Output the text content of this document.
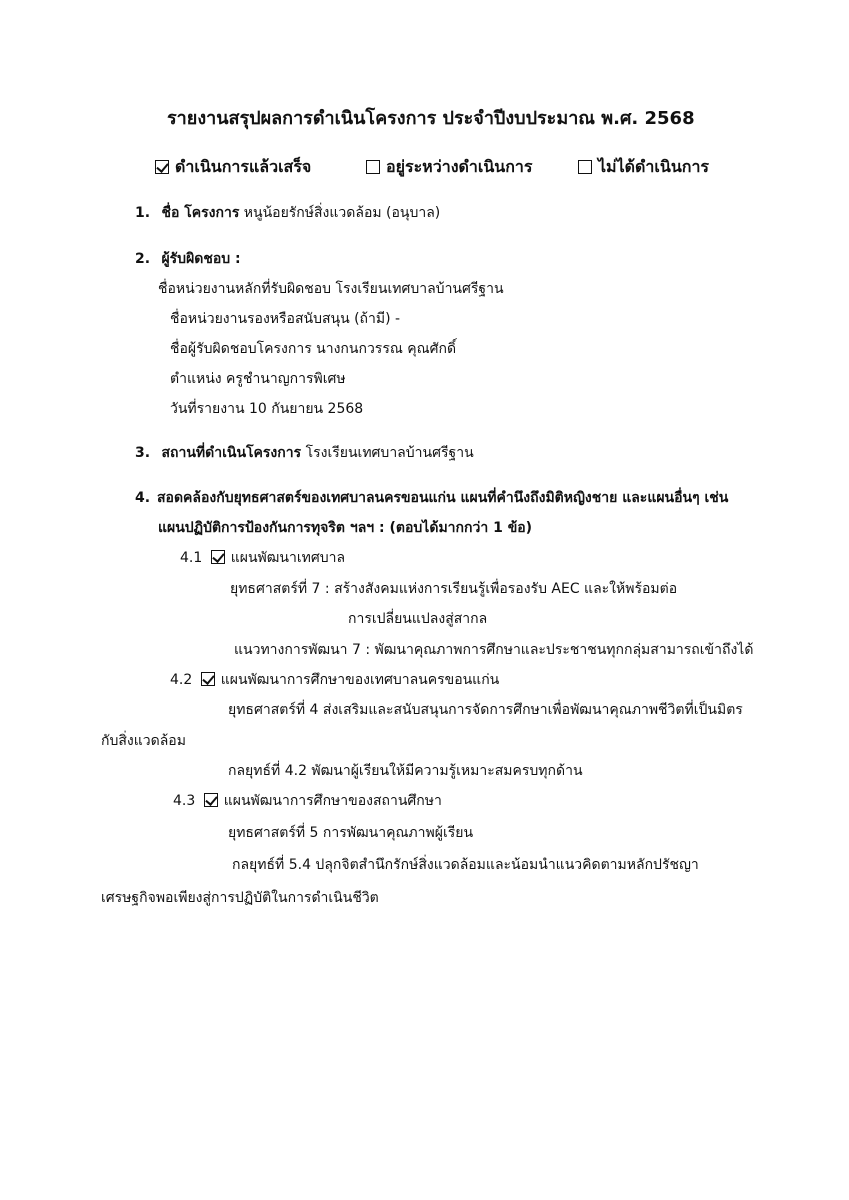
รายงานสรุปผลการดำเนินโครงการ ประจำปีงบประมาณ พ.ศ. 2568
ดำเนินการแล้วเสร็จ	อยู่ระหว่างดำเนินการ	ไม่ได้ดำเนินการ
1. ชื่อ โครงการ หนูน้อยรักษ์สิ่งแวดล้อม (อนุบาล)
2. ผู้รับผิดชอบ :
ชื่อหน่วยงานหลักที่รับผิดชอบ โรงเรียนเทศบาลบ้านศรีฐาน
ชื่อหน่วยงานรองหรือสนับสนุน (ถ้ามี) -
ชื่อผู้รับผิดชอบโครงการ นางกนกวรรณ คุณศักดิ์
ตำแหน่ง ครูชำนาญการพิเศษ
วันที่รายงาน 10 กันยายน 2568
3. สถานที่ดำเนินโครงการ โรงเรียนเทศบาลบ้านศรีฐาน
4. สอดคล้องกับยุทธศาสตร์ของเทศบาลนครขอนแก่น แผนที่คำนึงถึงมิติหญิงชาย และแผนอื่นๆ เช่น
แผนปฏิบัติการป้องกันการทุจริต ฯลฯ : (ตอบได้มากกว่า 1 ข้อ)
4.1 แผนพัฒนาเทศบาล
ยุทธศาสตร์ที่ 7 : สร้างสังคมแห่งการเรียนรู้เพื่อรองรับ AEC และให้พร้อมต่อ
การเปลี่ยนแปลงสู่สากล
แนวทางการพัฒนา 7 : พัฒนาคุณภาพการศึกษาและประชาชนทุกกลุ่มสามารถเข้าถึงได้
4.2 แผนพัฒนาการศึกษาของเทศบาลนครขอนแก่น
ยุทธศาสตร์ที่ 4 ส่งเสริมและสนับสนุนการจัดการศึกษาเพื่อพัฒนาคุณภาพชีวิตที่เป็นมิตร
กับสิ่งแวดล้อม
กลยุทธ์ที่ 4.2 พัฒนาผู้เรียนให้มีความรู้เหมาะสมครบทุกด้าน
4.3 แผนพัฒนาการศึกษาของสถานศึกษา
ยุทธศาสตร์ที่ 5 การพัฒนาคุณภาพผู้เรียน
กลยุทธ์ที่ 5.4 ปลุกจิตสำนึกรักษ์สิ่งแวดล้อมและน้อมนำแนวคิดตามหลักปรัชญา
เศรษฐกิจพอเพียงสู่การปฏิบัติในการดำเนินชีวิต
